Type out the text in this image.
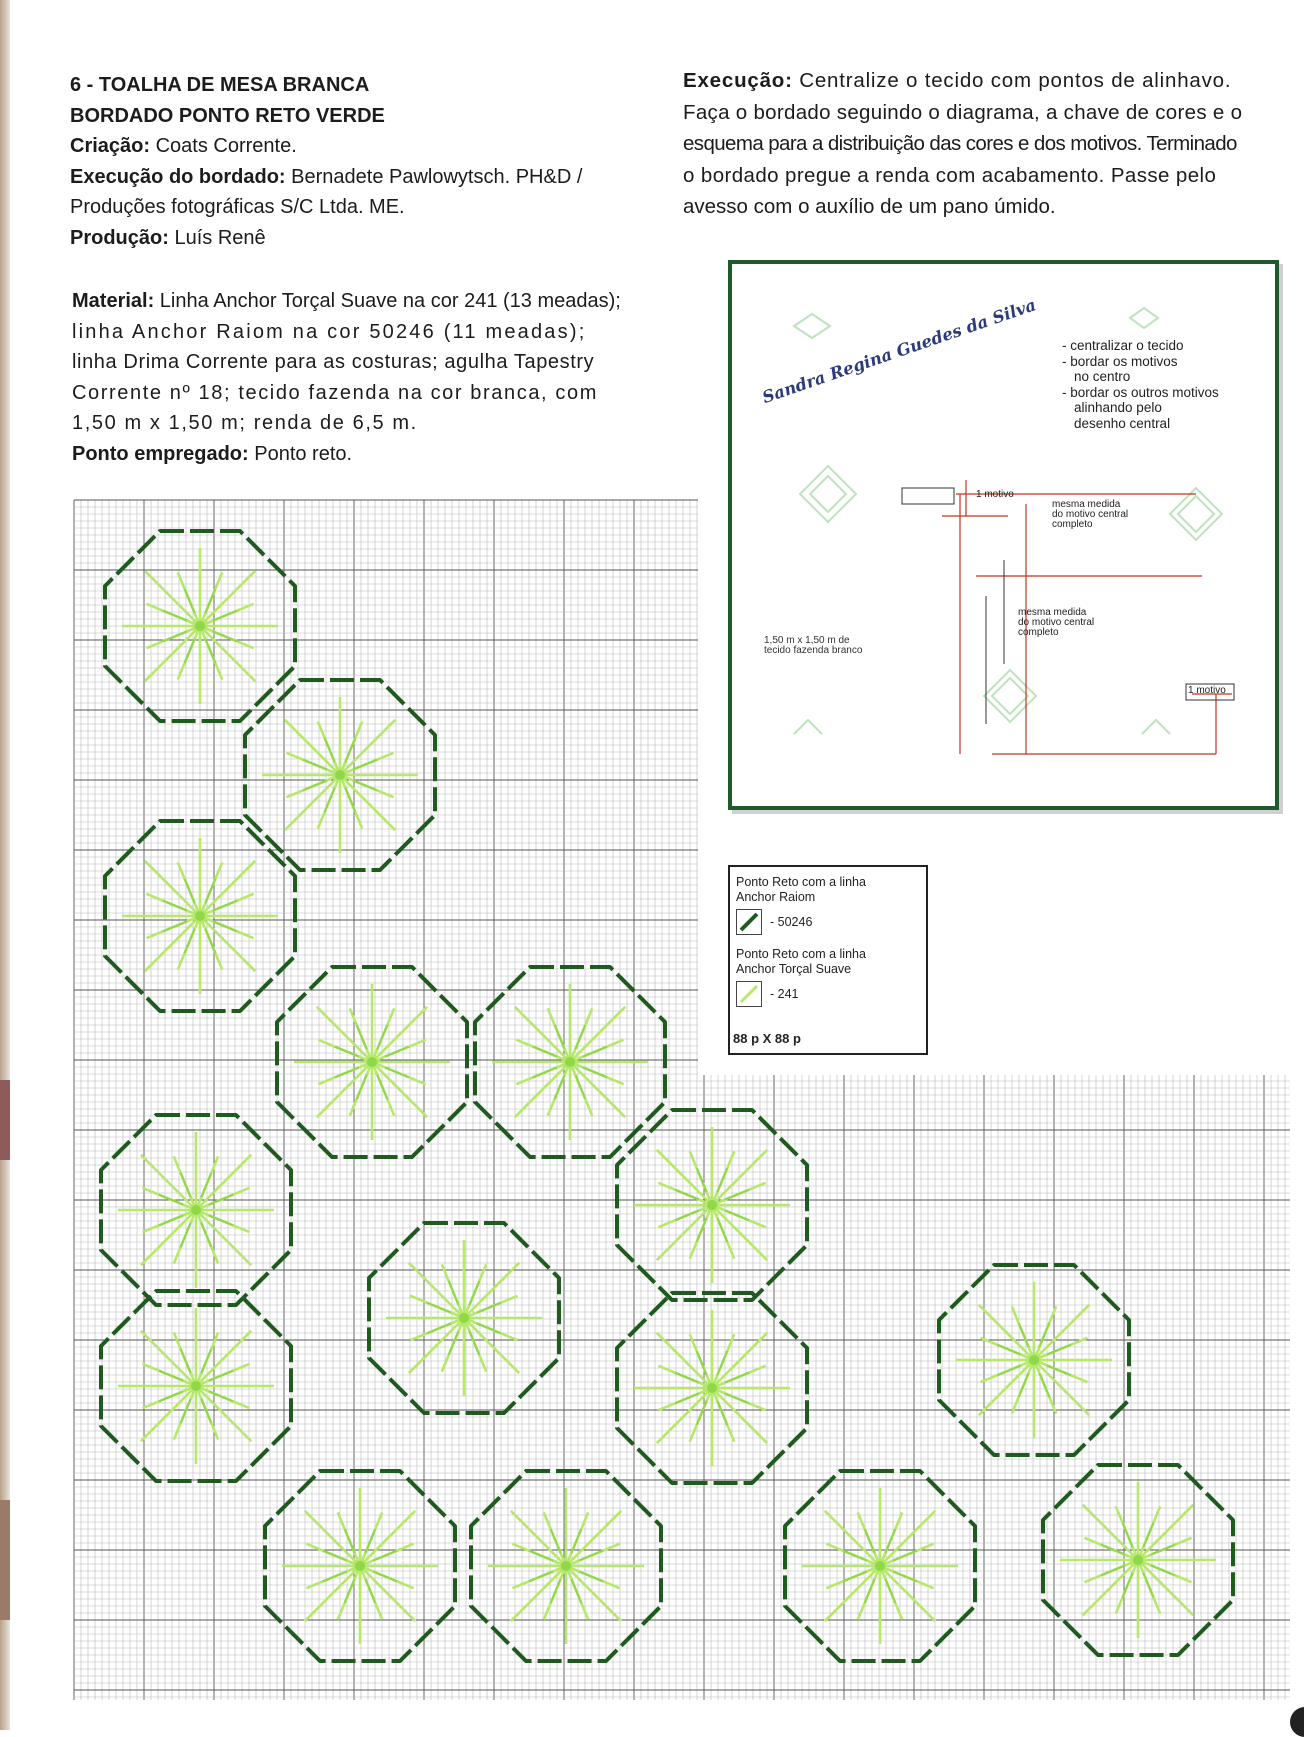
6 - TOALHA DE MESA BRANCA
BORDADO PONTO RETO VERDE
Criação: Coats Corrente.
Execução do bordado: Bernadete Pawlowytsch. PH&D /
Produções fotográficas S/C Ltda. ME.
Produção: Luís Renê
Material: Linha Anchor Torçal Suave na cor 241 (13 meadas);
linha Anchor Raiom na cor 50246 (11 meadas);
linha Drima Corrente para as costuras; agulha Tapestry
Corrente nº 18; tecido fazenda na cor branca, com
1,50 m x 1,50 m; renda de 6,5 m.
Ponto empregado: Ponto reto.
Execução: Centralize o tecido com pontos de alinhavo.
Faça o bordado seguindo o diagrama, a chave de cores e o
esquema para a distribuição das cores e dos motivos. Terminado
o bordado pregue a renda com acabamento. Passe pelo
avesso com o auxílio de um pano úmido.
Sandra Regina Guedes da Silva - centralizar o tecido
- bordar os motivos
no centro
- bordar os outros motivos
alinhando pelo
desenho central
1 motivo
1 motivo
mesma medida
do motivo central
completo
mesma medida
do motivo central
completo
1,50 m x 1,50 m de
tecido fazenda branco
Ponto Reto com a linha
Anchor Raiom
- 50246
Ponto Reto com a linha
Anchor Torçal Suave
- 241
88 p X 88 p
